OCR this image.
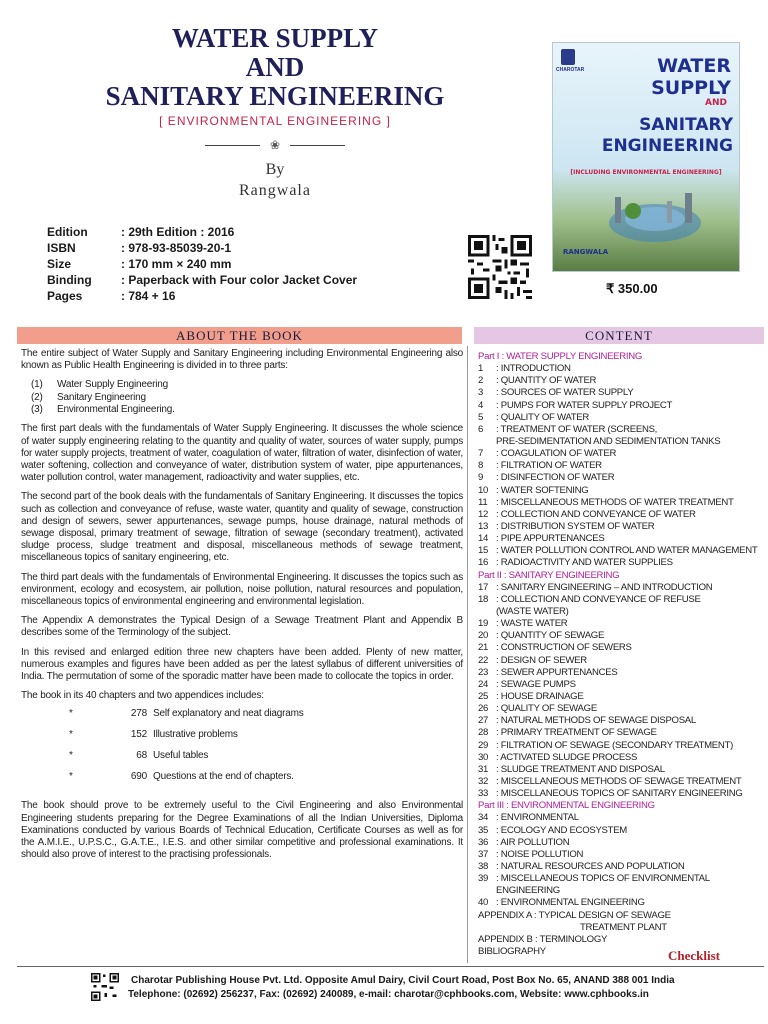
WATER SUPPLY
AND
SANITARY ENGINEERING
[ ENVIRONMENTAL ENGINEERING ]
❀
By
Rangwala
Edition	: 29th Edition : 2016
ISBN	: 978-93-85039-20-1
Size	: 170 mm × 240 mm
Binding	: Paperback with Four color Jacket Cover
Pages	: 784 + 16
CHAROTAR	WATER
SUPPLY
AND
SANITARY
ENGINEERING
[INCLUDING ENVIRONMENTAL ENGINEERING]
RANGWALA
₹ 350.00
ABOUT THE BOOK	CONTENT

The entire subject of Water Supply and Sanitary Engineering including Environmental Engineering also known as Public Health Engineering is divided in to three parts:

(1) Water Supply Engineering
(2) Sanitary Engineering
(3) Environmental Engineering.

The first part deals with the fundamentals of Water Supply Engineering. It discusses the whole science of water supply engineering relating to the quantity and quality of water, sources of water supply, pumps for water supply projects, treatment of water, coagulation of water, filtration of water, disinfection of water, water softening, collection and conveyance of water, distribution system of water, pipe appurtenances, water pollution control, water management, radioactivity and water supplies, etc.

The second part of the book deals with the fundamentals of Sanitary Engineering. It discusses the topics such as collection and conveyance of refuse, waste water, quantity and quality of sewage, construction and design of sewers, sewer appurtenances, sewage pumps, house drainage, natural methods of sewage disposal, primary treatment of sewage, filtration of sewage (secondary treatment), activated sludge process, sludge treatment and disposal, miscellaneous methods of sewage treatment, miscellaneous topics of sanitary engineering, etc.

The third part deals with the fundamentals of Environmental Engineering. It discusses the topics such as environment, ecology and ecosystem, air pollution, noise pollution, natural resources and population, miscellaneous topics of environmental engineering and environmental legislation.

The Appendix A demonstrates the Typical Design of a Sewage Treatment Plant and Appendix B describes some of the Terminology of the subject.

In this revised and enlarged edition three new chapters have been added. Plenty of new matter, numerous examples and figures have been added as per the latest syllabus of different universities of India. The permutation of some of the sporadic matter have been made to collocate the topics in order.

The book in its 40 chapters and two appendices includes:

*	278 Self explanatory and neat diagrams
*	152 Illustrative problems
*	68 Useful tables
*	690 Questions at the end of chapters.

The book should prove to be extremely useful to the Civil Engineering and also Environmental Engineering students preparing for the Degree Examinations of all the Indian Universities, Diploma Examinations conducted by various Boards of Technical Education, Certificate Courses as well as for the A.M.I.E., U.P.S.C., G.A.T.E., I.E.S. and other similar competitive and professional examinations. It should also prove of interest to the practising professionals.

Part I : WATER SUPPLY ENGINEERING
1 : INTRODUCTION
2 : QUANTITY OF WATER
3 : SOURCES OF WATER SUPPLY
4 : PUMPS FOR WATER SUPPLY PROJECT
5 : QUALITY OF WATER
6 : TREATMENT OF WATER (SCREENS,
PRE-SEDIMENTATION AND SEDIMENTATION TANKS
7 : COAGULATION OF WATER
8 : FILTRATION OF WATER
9 : DISINFECTION OF WATER
10 : WATER SOFTENING
11 : MISCELLANEOUS METHODS OF WATER TREATMENT
12 : COLLECTION AND CONVEYANCE OF WATER
13 : DISTRIBUTION SYSTEM OF WATER
14 : PIPE APPURTENANCES
15 : WATER POLLUTION CONTROL AND WATER MANAGEMENT
16 : RADIOACTIVITY AND WATER SUPPLIES
Part II : SANITARY ENGINEERING
17 : SANITARY ENGINEERING – AND INTRODUCTION
18 : COLLECTION AND CONVEYANCE OF REFUSE
(WASTE WATER)
19 : WASTE WATER
20 : QUANTITY OF SEWAGE
21 : CONSTRUCTION OF SEWERS
22 : DESIGN OF SEWER
23 : SEWER APPURTENANCES
24 : SEWAGE PUMPS
25 : HOUSE DRAINAGE
26 : QUALITY OF SEWAGE
27 : NATURAL METHODS OF SEWAGE DISPOSAL
28 : PRIMARY TREATMENT OF SEWAGE
29 : FILTRATION OF SEWAGE (SECONDARY TREATMENT)
30 : ACTIVATED SLUDGE PROCESS
31 : SLUDGE TREATMENT AND DISPOSAL
32 : MISCELLANEOUS METHODS OF SEWAGE TREATMENT
33 : MISCELLANEOUS TOPICS OF SANITARY ENGINEERING
Part III : ENVIRONMENTAL ENGINEERING
34 : ENVIRONMENTAL
35 : ECOLOGY AND ECOSYSTEM
36 : AIR POLLUTION
37 : NOISE POLLUTION
38 : NATURAL RESOURCES AND POPULATION
39 : MISCELLANEOUS TOPICS OF ENVIRONMENTAL
ENGINEERING
40 : ENVIRONMENTAL ENGINEERING
APPENDIX A : TYPICAL DESIGN OF SEWAGE
TREATMENT PLANT
APPENDIX B : TERMINOLOGY
BIBLIOGRAPHY	Checklist
Charotar Publishing House Pvt. Ltd. Opposite Amul Dairy, Civil Court Road, Post Box No. 65, ANAND 388 001 India
Telephone: (02692) 256237, Fax: (02692) 240089, e-mail: charotar@cphbooks.com, Website: www.cphbooks.in
